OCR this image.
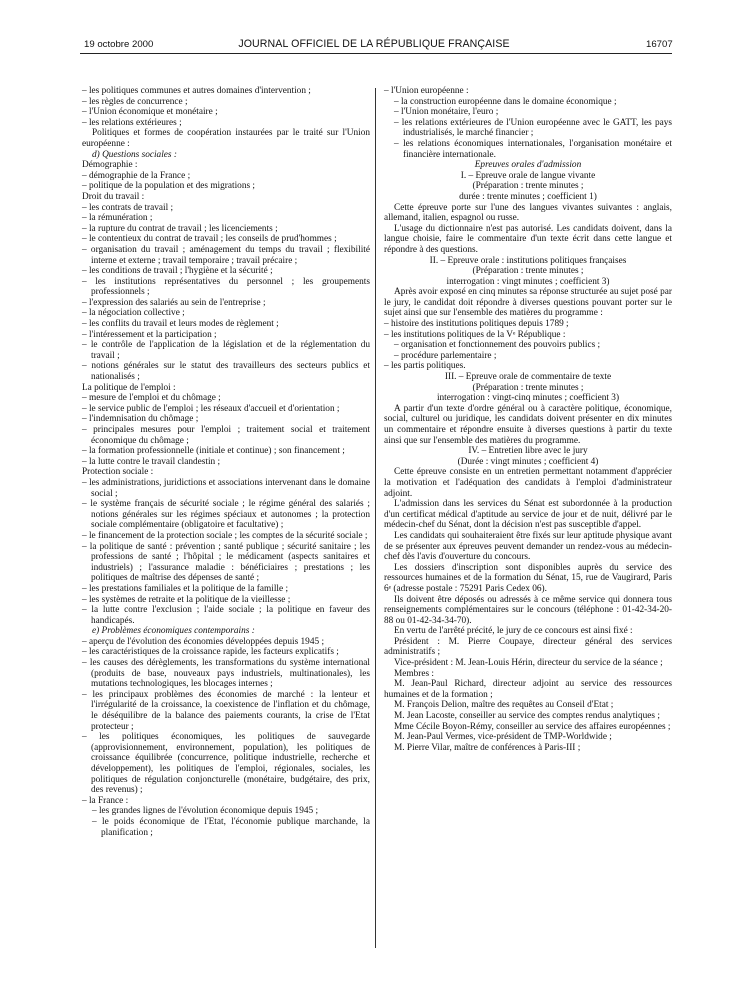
19 octobre 2000	JOURNAL OFFICIEL DE LA RÉPUBLIQUE FRANÇAISE	16707
– les politiques communes et autres domaines d'intervention ;
– les règles de concurrence ;
– l'Union économique et monétaire ;
– les relations extérieures ;
Politiques et formes de coopération instaurées par le traité sur l'Union européenne :
d) Questions sociales :
Démographie :
– démographie de la France ;
– politique de la population et des migrations ;
Droit du travail :
– les contrats de travail ;
– la rémunération ;
– la rupture du contrat de travail ; les licenciements ;
– le contentieux du contrat de travail ; les conseils de prud'hommes ;
– organisation du travail ; aménagement du temps du travail ; flexibilité interne et externe ; travail temporaire ; travail précaire ;
– les conditions de travail ; l'hygiène et la sécurité ;
– les institutions représentatives du personnel ; les groupements professionnels ;
– l'expression des salariés au sein de l'entreprise ;
– la négociation collective ;
– les conflits du travail et leurs modes de règlement ;
– l'intéressement et la participation ;
– le contrôle de l'application de la législation et de la réglementation du travail ;
– notions générales sur le statut des travailleurs des secteurs publics et nationalisés ;
La politique de l'emploi :
– mesure de l'emploi et du chômage ;
– le service public de l'emploi ; les réseaux d'accueil et d'orientation ;
– l'indemnisation du chômage ;
– principales mesures pour l'emploi ; traitement social et traitement économique du chômage ;
– la formation professionnelle (initiale et continue) ; son financement ;
– la lutte contre le travail clandestin ;
Protection sociale :
– les administrations, juridictions et associations intervenant dans le domaine social ;
– le système français de sécurité sociale ; le régime général des salariés ; notions générales sur les régimes spéciaux et autonomes ; la protection sociale complémentaire (obligatoire et facultative) ;
– le financement de la protection sociale ; les comptes de la sécurité sociale ;
– la politique de santé : prévention ; santé publique ; sécurité sanitaire ; les professions de santé ; l'hôpital ; le médicament (aspects sanitaires et industriels) ; l'assurance maladie : bénéficiaires ; prestations ; les politiques de maîtrise des dépenses de santé ;
– les prestations familiales et la politique de la famille ;
– les systèmes de retraite et la politique de la vieillesse ;
– la lutte contre l'exclusion ; l'aide sociale ; la politique en faveur des handicapés.
e) Problèmes économiques contemporains :
– aperçu de l'évolution des économies développées depuis 1945 ;
– les caractéristiques de la croissance rapide, les facteurs explicatifs ;
– les causes des dérèglements, les transformations du système international (produits de base, nouveaux pays industriels, multinationales), les mutations technologiques, les blocages internes ;
– les principaux problèmes des économies de marché : la lenteur et l'irrégularité de la croissance, la coexistence de l'inflation et du chômage, le déséquilibre de la balance des paiements courants, la crise de l'Etat protecteur ;
– les politiques économiques, les politiques de sauvegarde (approvisionnement, environnement, population), les politiques de croissance équilibrée (concurrence, politique industrielle, recherche et développement), les politiques de l'emploi, régionales, sociales, les politiques de régulation conjoncturelle (monétaire, budgétaire, des prix, des revenus) ;
– la France :
– les grandes lignes de l'évolution économique depuis 1945 ;
– le poids économique de l'Etat, l'économie publique marchande, la planification ;
– l'Union européenne :
– la construction européenne dans le domaine économique ;
– l'Union monétaire, l'euro ;
– les relations extérieures de l'Union européenne avec le GATT, les pays industrialisés, le marché financier ;
– les relations économiques internationales, l'organisation monétaire et financière internationale.
Epreuves orales d'admission
I. – Epreuve orale de langue vivante
(Préparation : trente minutes ;
durée : trente minutes ; coefficient 1)
Cette épreuve porte sur l'une des langues vivantes suivantes : anglais, allemand, italien, espagnol ou russe.
L'usage du dictionnaire n'est pas autorisé. Les candidats doivent, dans la langue choisie, faire le commentaire d'un texte écrit dans cette langue et répondre à des questions.
II. – Epreuve orale : institutions politiques françaises
(Préparation : trente minutes ;
interrogation : vingt minutes ; coefficient 3)
Après avoir exposé en cinq minutes sa réponse structurée au sujet posé par le jury, le candidat doit répondre à diverses questions pouvant porter sur le sujet ainsi que sur l'ensemble des matières du programme :
– histoire des institutions politiques depuis 1789 ;
– les institutions politiques de la Vᵉ République :
– organisation et fonctionnement des pouvoirs publics ;
– procédure parlementaire ;
– les partis politiques.
III. – Epreuve orale de commentaire de texte
(Préparation : trente minutes ;
interrogation : vingt-cinq minutes ; coefficient 3)
A partir d'un texte d'ordre général ou à caractère politique, économique, social, culturel ou juridique, les candidats doivent présenter en dix minutes un commentaire et répondre ensuite à diverses questions à partir du texte ainsi que sur l'ensemble des matières du programme.
IV. – Entretien libre avec le jury
(Durée : vingt minutes ; coefficient 4)
Cette épreuve consiste en un entretien permettant notamment d'apprécier la motivation et l'adéquation des candidats à l'emploi d'administrateur adjoint.
L'admission dans les services du Sénat est subordonnée à la production d'un certificat médical d'aptitude au service de jour et de nuit, délivré par le médecin-chef du Sénat, dont la décision n'est pas susceptible d'appel.
Les candidats qui souhaiteraient être fixés sur leur aptitude physique avant de se présenter aux épreuves peuvent demander un rendez-vous au médecin-chef dès l'avis d'ouverture du concours.
Les dossiers d'inscription sont disponibles auprès du service des ressources humaines et de la formation du Sénat, 15, rue de Vaugirard, Paris 6ᵉ (adresse postale : 75291 Paris Cedex 06).
Ils doivent être déposés ou adressés à ce même service qui donnera tous renseignements complémentaires sur le concours (téléphone : 01-42-34-20-88 ou 01-42-34-34-70).
En vertu de l'arrêté précité, le jury de ce concours est ainsi fixé :
Président : M. Pierre Coupaye, directeur général des services administratifs ;
Vice-président : M. Jean-Louis Hérin, directeur du service de la séance ;
Membres :
M. Jean-Paul Richard, directeur adjoint au service des ressources humaines et de la formation ;
M. François Delion, maître des requêtes au Conseil d'Etat ;
M. Jean Lacoste, conseiller au service des comptes rendus analytiques ;
Mme Cécile Boyon-Rémy, conseiller au service des affaires européennes ;
M. Jean-Paul Vermes, vice-président de TMP-Worldwide ;
M. Pierre Vilar, maître de conférences à Paris-III ;
